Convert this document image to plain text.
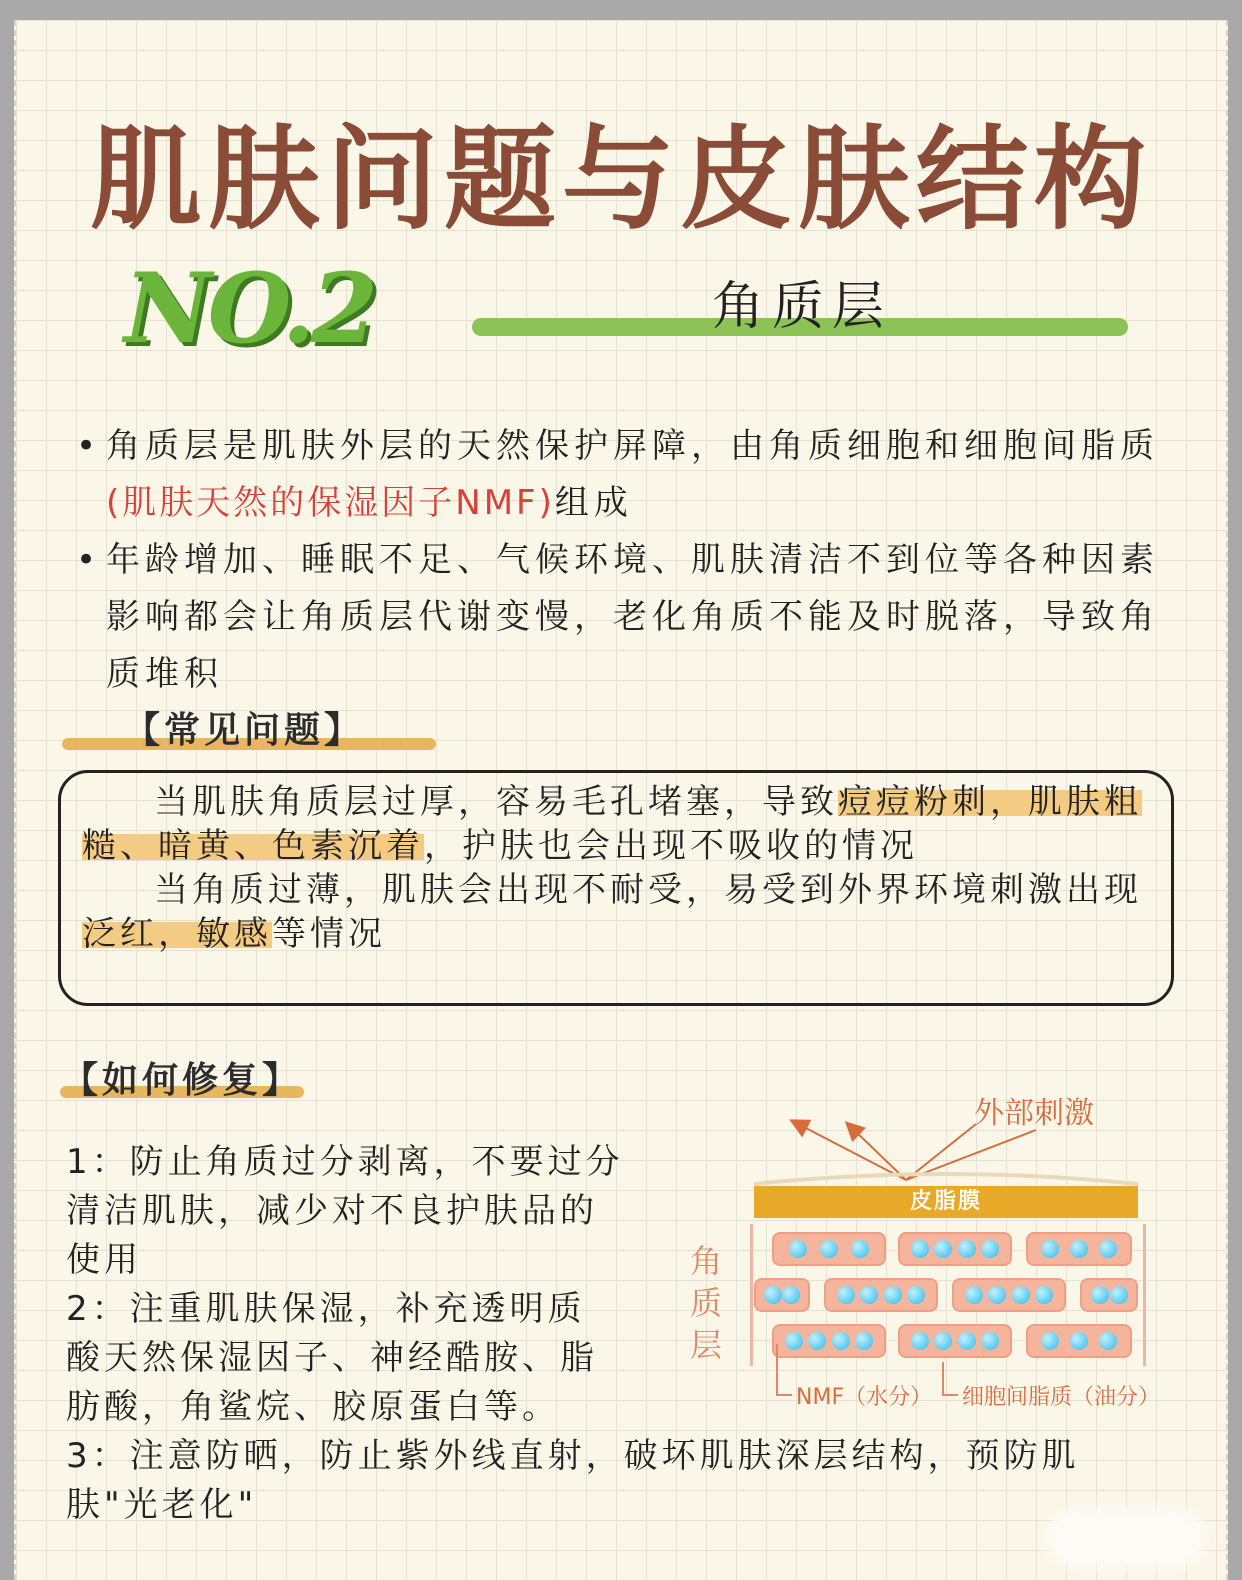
肌肤问题与皮肤结构
NO.2	角质层
• 角质层是肌肤外层的天然保护屏障，由角质细胞和细胞间脂质(肌肤天然的保湿因子NMF)组成
• 年龄增加、睡眠不足、气候环境、肌肤清洁不到位等各种因素影响都会让角质层代谢变慢，老化角质不能及时脱落，导致角质堆积
【常见问题】
当肌肤角质层过厚，容易毛孔堵塞，导致痘痘粉刺，肌肤粗糙、暗黄、色素沉着，护肤也会出现不吸收的情况
当角质过薄，肌肤会出现不耐受，易受到外界环境刺激出现泛红，敏感等情况
【如何修复】
1：防止角质过分剥离，不要过分
清洁肌肤，减少对不良护肤品的
使用
2：注重肌肤保湿，补充透明质
酸天然保湿因子、神经酷胺、脂
肪酸，角鲨烷、胶原蛋白等。
3：注意防晒，防止紫外线直射，破坏肌肤深层结构，预防肌
肤"光老化"
外部刺激
皮脂膜
角质层
NMF（水分） 细胞间脂质（油分）
